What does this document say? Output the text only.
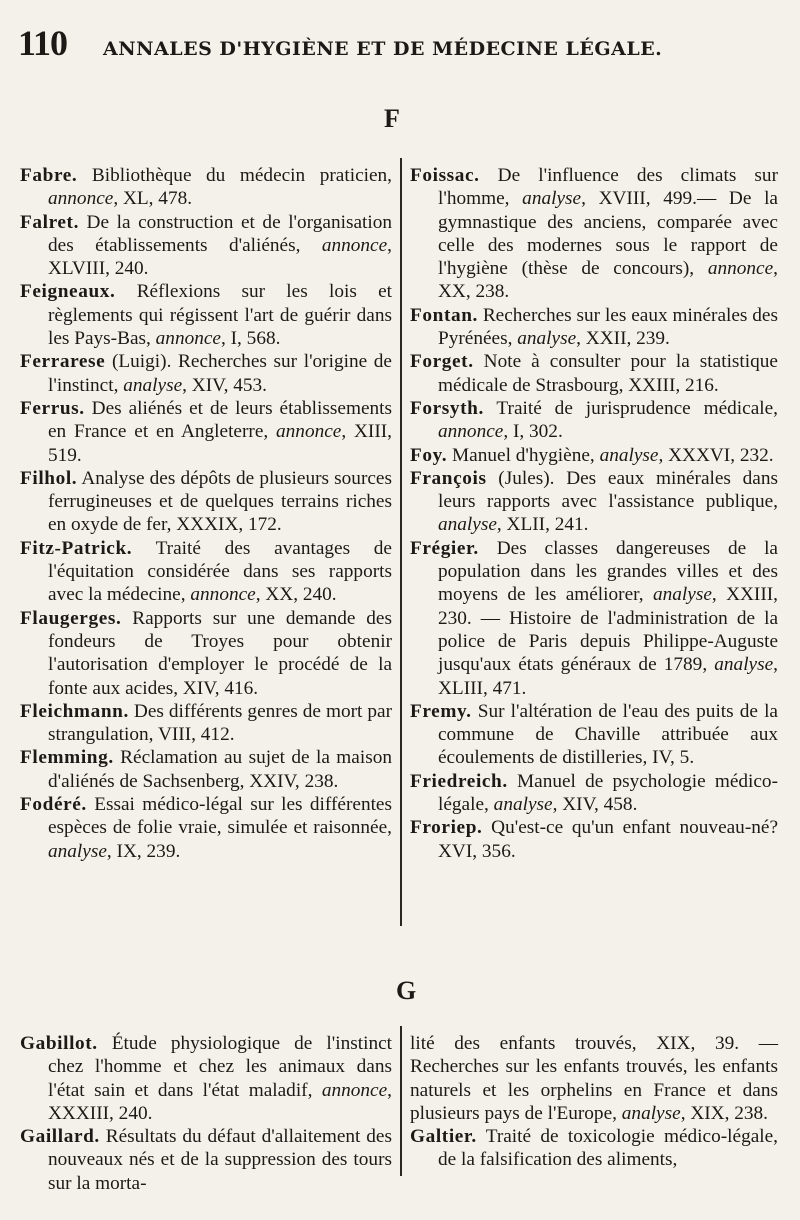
110 ANNALES D'HYGIÈNE ET DE MÉDECINE LÉGALE.
F
Fabre. Bibliothèque du médecin praticien, annonce, XL, 478.
Falret. De la construction et de l'organisation des établissements d'aliénés, annonce, XLVIII, 240.
Feigneaux. Réflexions sur les lois et règlements qui régissent l'art de guérir dans les Pays-Bas, annonce, I, 568.
Ferrarese (Luigi). Recherches sur l'origine de l'instinct, analyse, XIV, 453.
Ferrus. Des aliénés et de leurs établissements en France et en Angleterre, annonce, XIII, 519.
Filhol. Analyse des dépôts de plusieurs sources ferrugineuses et de quelques terrains riches en oxyde de fer, XXXIX, 172.
Fitz-Patrick. Traité des avantages de l'équitation considérée dans ses rapports avec la médecine, annonce, XX, 240.
Flaugerges. Rapports sur une demande des fondeurs de Troyes pour obtenir l'autorisation d'employer le procédé de la fonte aux acides, XIV, 416.
Fleichmann. Des différents genres de mort par strangulation, VIII, 412.
Flemming. Réclamation au sujet de la maison d'aliénés de Sachsenberg, XXIV, 238.
Fodéré. Essai médico-légal sur les différentes espèces de folie vraie, simulée et raisonnée, analyse, IX, 239.
Foissac. De l'influence des climats sur l'homme, analyse, XVIII, 499.— De la gymnastique des anciens, comparée avec celle des modernes sous le rapport de l'hygiène (thèse de concours), annonce, XX, 238.
Fontan. Recherches sur les eaux minérales des Pyrénées, analyse, XXII, 239.
Forget. Note à consulter pour la statistique médicale de Strasbourg, XXIII, 216.
Forsyth. Traité de jurisprudence médicale, annonce, I, 302.
Foy. Manuel d'hygiène, analyse, XXXVI, 232.
François (Jules). Des eaux minérales dans leurs rapports avec l'assistance publique, analyse, XLII, 241.
Frégier. Des classes dangereuses de la population dans les grandes villes et des moyens de les améliorer, analyse, XXIII, 230. — Histoire de l'administration de la police de Paris depuis Philippe-Auguste jusqu'aux états généraux de 1789, analyse, XLIII, 471.
Fremy. Sur l'altération de l'eau des puits de la commune de Chaville attribuée aux écoulements de distilleries, IV, 5.
Friedreich. Manuel de psychologie médico-légale, analyse, XIV, 458.
Froriep. Qu'est-ce qu'un enfant nouveau-né? XVI, 356.
G
Gabillot. Étude physiologique de l'instinct chez l'homme et chez les animaux dans l'état sain et dans l'état maladif, annonce, XXXIII, 240.
Gaillard. Résultats du défaut d'allaitement des nouveaux nés et de la suppression des tours sur la morta-
lité des enfants trouvés, XIX, 39. — Recherches sur les enfants trouvés, les enfants naturels et les orphelins en France et dans plusieurs pays de l'Europe, analyse, XIX, 238.
Galtier. Traité de toxicologie médico-légale, de la falsification des aliments,
